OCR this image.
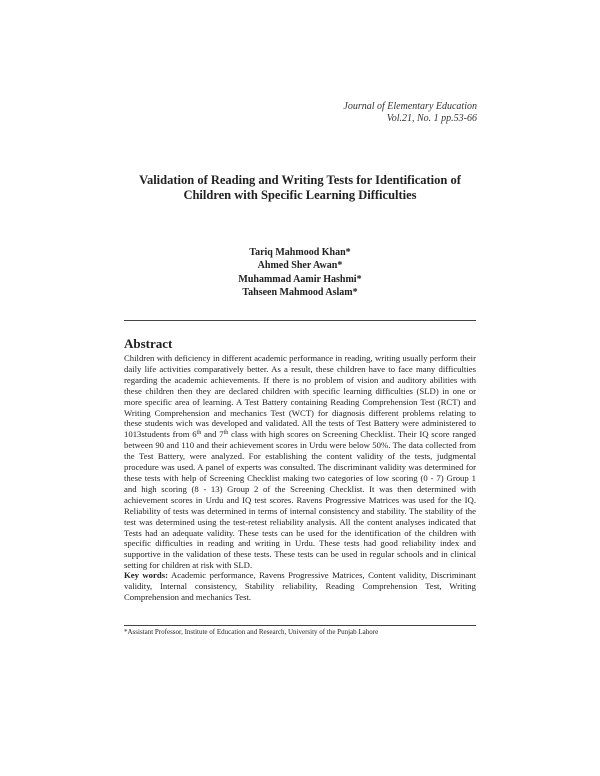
Journal of Elementary Education
Vol.21, No. 1 pp.53-66
Validation of Reading and Writing Tests for Identification of
Children with Specific Learning Difficulties
Tariq Mahmood Khan*
Ahmed Sher Awan*
Muhammad Aamir Hashmi*
Tahseen Mahmood Aslam*
Abstract
Children with deficiency in different academic performance in reading, writing usually perform their daily life activities comparatively better. As a result, these children have to face many difficulties regarding the academic achievements. If there is no problem of vision and auditory abilities with these children then they are declared children with specific learning difficulties (SLD) in one or more specific area of learning. A Test Battery containing Reading Comprehension Test (RCT) and Writing Comprehension and mechanics Test (WCT) for diagnosis different problems relating to these students wich was developed and validated. All the tests of Test Battery were administered to 1013students from 6th and 7th class with high scores on Screening Checklist. Their IQ score ranged between 90 and 110 and their achievement scores in Urdu were below 50%. The data collected from the Test Battery, were analyzed. For establishing the content validity of the tests, judgmental procedure was used. A panel of experts was consulted. The discriminant validity was determined for these tests with help of Screening Checklist making two categories of low scoring (0 - 7) Group 1 and high scoring (8 - 13) Group 2 of the Screening Checklist. It was then determined with achievement scores in Urdu and IQ test scores. Ravens Progressive Matrices was used for the IQ. Reliability of tests was determined in terms of internal consistency and stability. The stability of the test was determined using the test-retest reliability analysis. All the content analyses indicated that Tests had an adequate validity. These tests can be used for the identification of the children with specific difficulties in reading and writing in Urdu. These tests had good reliability index and supportive in the validation of these tests. These tests can be used in regular schools and in clinical setting for children at risk with SLD.
Key words: Academic performance, Ravens Progressive Matrices, Content validity, Discriminant validity, Internal consistency, Stability reliability, Reading Comprehension Test, Writing Comprehension and mechanics Test.
*Assistant Professor, Institute of Education and Research, University of the Punjab Lahore
